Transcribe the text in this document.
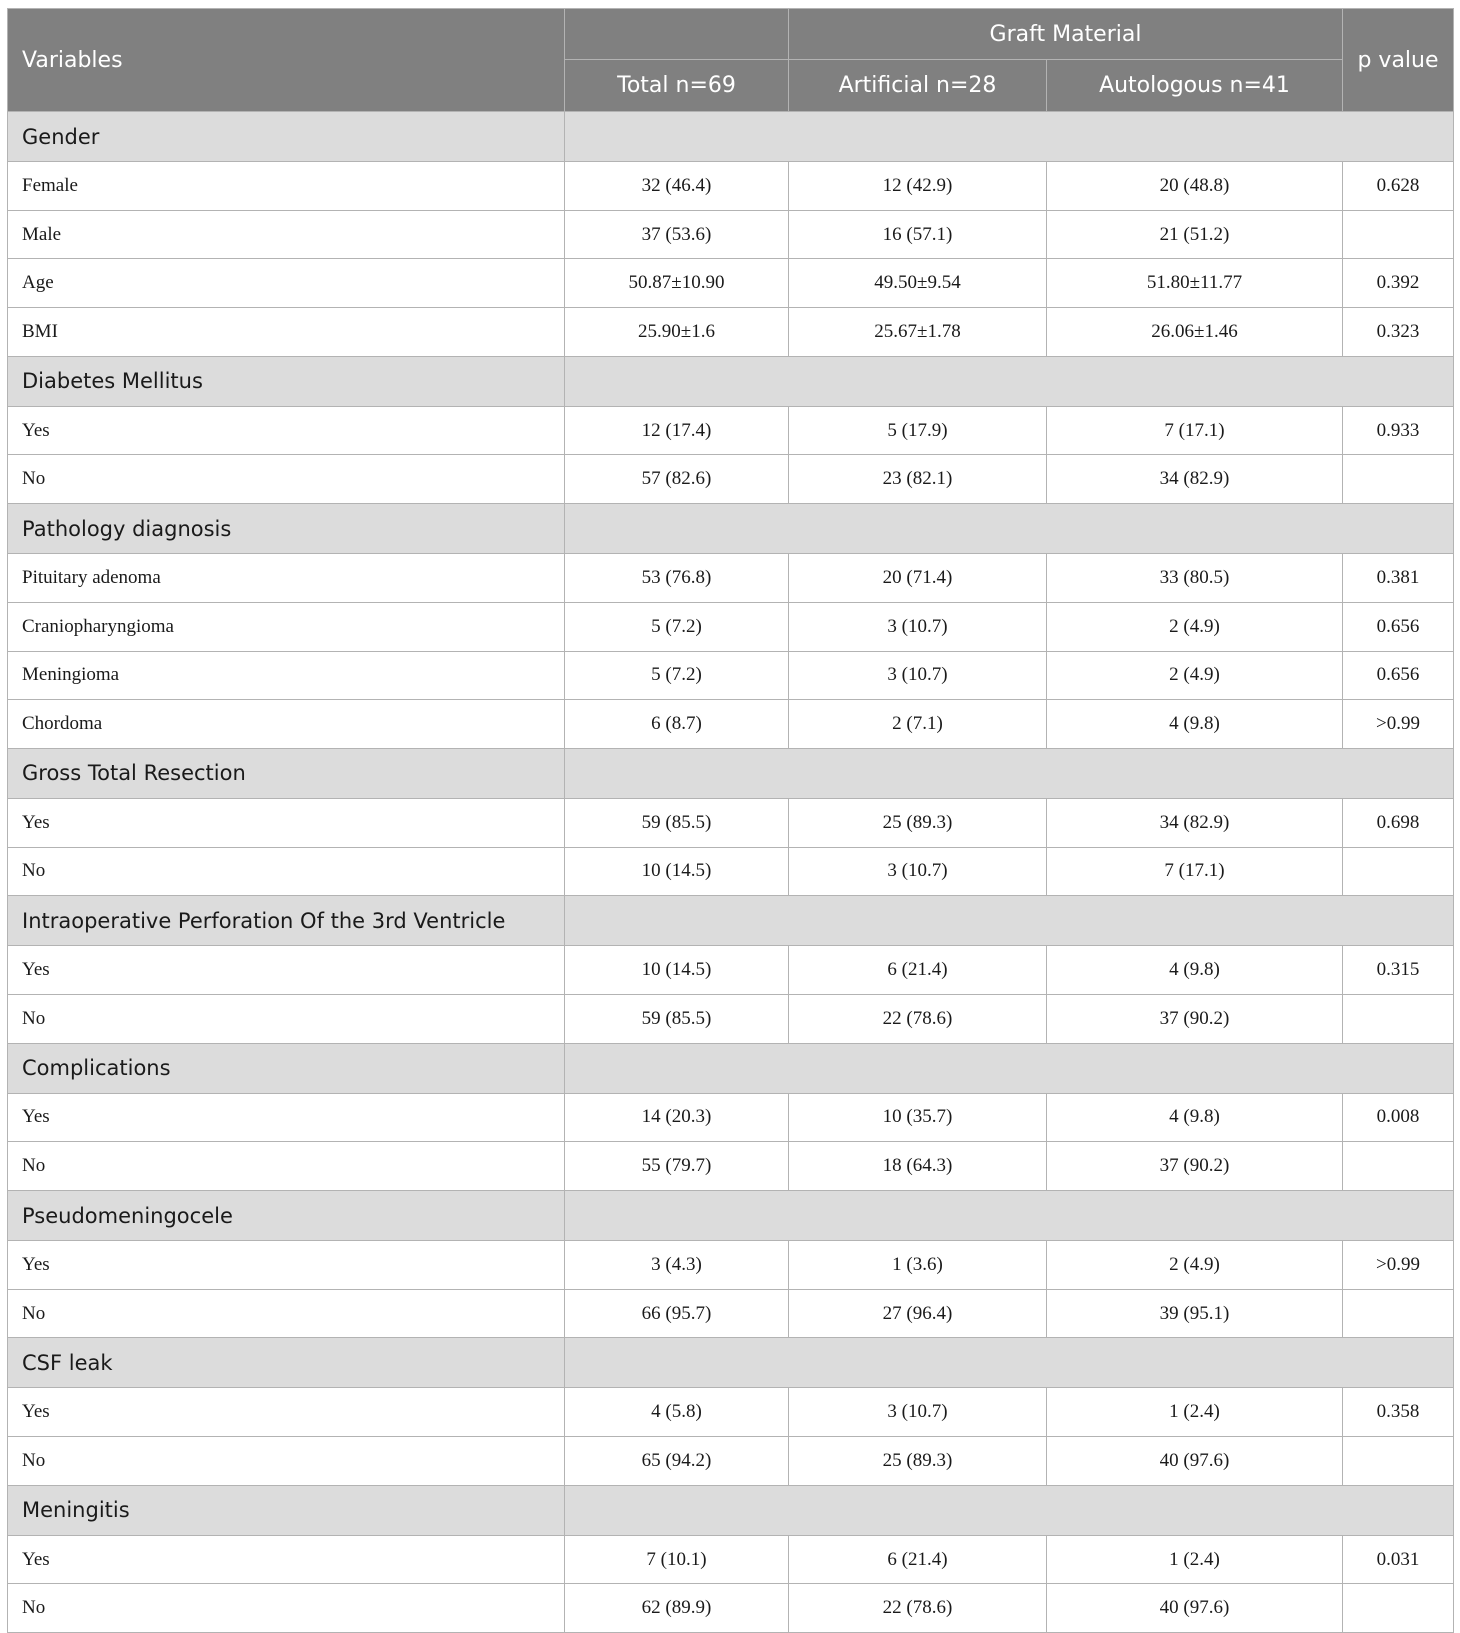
Variables		Graft Material		p value
	Total n=69	Artificial n=28	Autologous n=41	
Gender				
Female	32 (46.4)	12 (42.9)	20 (48.8)	0.628
Male	37 (53.6)	16 (57.1)	21 (51.2)	
Age	50.87±10.90	49.50±9.54	51.80±11.77	0.392
BMI	25.90±1.6	25.67±1.78	26.06±1.46	0.323
Diabetes Mellitus				
Yes	12 (17.4)	5 (17.9)	7 (17.1)	0.933
No	57 (82.6)	23 (82.1)	34 (82.9)	
Pathology diagnosis				
Pituitary adenoma	53 (76.8)	20 (71.4)	33 (80.5)	0.381
Craniopharyngioma	5 (7.2)	3 (10.7)	2 (4.9)	0.656
Meningioma	5 (7.2)	3 (10.7)	2 (4.9)	0.656
Chordoma	6 (8.7)	2 (7.1)	4 (9.8)	>0.99
Gross Total Resection				
Yes	59 (85.5)	25 (89.3)	34 (82.9)	0.698
No	10 (14.5)	3 (10.7)	7 (17.1)	
Intraoperative Perforation Of the 3rd Ventricle				
Yes	10 (14.5)	6 (21.4)	4 (9.8)	0.315
No	59 (85.5)	22 (78.6)	37 (90.2)	
Complications				
Yes	14 (20.3)	10 (35.7)	4 (9.8)	0.008
No	55 (79.7)	18 (64.3)	37 (90.2)	
Pseudomeningocele				
Yes	3 (4.3)	1 (3.6)	2 (4.9)	>0.99
No	66 (95.7)	27 (96.4)	39 (95.1)	
CSF leak				
Yes	4 (5.8)	3 (10.7)	1 (2.4)	0.358
No	65 (94.2)	25 (89.3)	40 (97.6)	
Meningitis				
Yes	7 (10.1)	6 (21.4)	1 (2.4)	0.031
No	62 (89.9)	22 (78.6)	40 (97.6)	
